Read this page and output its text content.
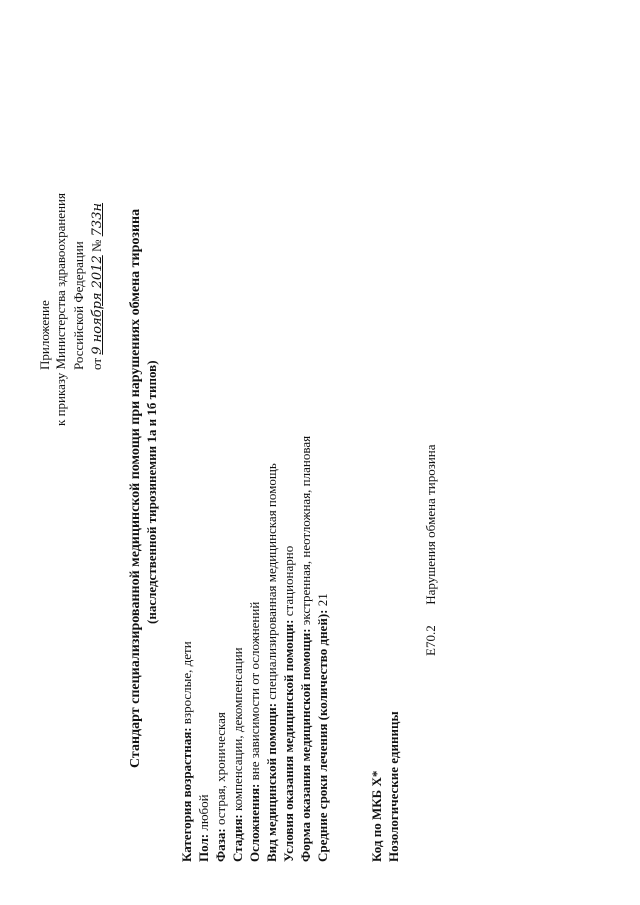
Приложение к приказу Министерства здравоохранения Российской Федерации от 9 ноября 2012 № 733н Стандарт специализированной медицинской помощи при нарушениях обмена тирозина (наследственной тирозинемии 1а и 1б типов)
Категория возрастная: взрослые, дети
Пол: любой
Фаза: острая, хроническая
Стадия: компенсации, декомпенсации
Осложнения: вне зависимости от осложнений Вид медицинской помощи: специализированная медицинская помощь
Условия оказания медицинской помощи: стационарно
Форма оказания медицинской помощи: экстренная, неотложная, плановая
Средние сроки лечения (количество дней): 21
Код по МКБ X* Нозологические единицы
E70.2  Нарушения обмена тирозина
